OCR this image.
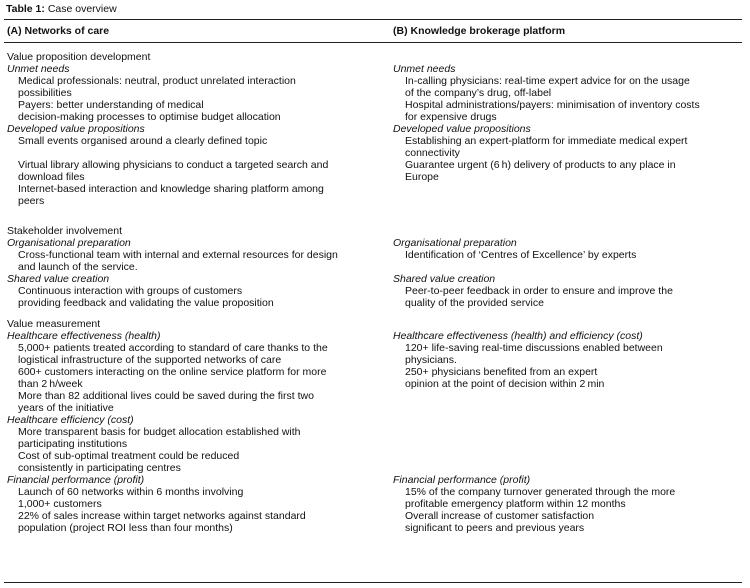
Table 1: Case overview
(A) Networks of care	(B) Knowledge brokerage platform
Value proposition development
Unmet needs
Medical professionals: neutral, product unrelated interaction
possibilities
Payers: better understanding of medical
decision-making processes to optimise budget allocation
Developed value propositions
Small events organised around a clearly defined topic
Virtual library allowing physicians to conduct a targeted search and
download files
Internet-based interaction and knowledge sharing platform among
peers
Stakeholder involvement
Organisational preparation
Cross-functional team with internal and external resources for design
and launch of the service.
Shared value creation
Continuous interaction with groups of customers
providing feedback and validating the value proposition
Value measurement
Healthcare effectiveness (health)
5,000+ patients treated according to standard of care thanks to the
logistical infrastructure of the supported networks of care
600+ customers interacting on the online service platform for more
than 2 h/week
More than 82 additional lives could be saved during the first two
years of the initiative
Healthcare efficiency (cost)
More transparent basis for budget allocation established with
participating institutions
Cost of sub-optimal treatment could be reduced
consistently in participating centres
Financial performance (profit)
Launch of 60 networks within 6 months involving
1,000+ customers
22% of sales increase within target networks against standard
population (project ROI less than four months)
Unmet needs
In-calling physicians: real-time expert advice for on the usage
of the company’s drug, off-label
Hospital administrations/payers: minimisation of inventory costs
for expensive drugs
Developed value propositions
Establishing an expert-platform for immediate medical expert
connectivity
Guarantee urgent (6 h) delivery of products to any place in
Europe
Organisational preparation
Identification of ‘Centres of Excellence’ by experts
Shared value creation
Peer-to-peer feedback in order to ensure and improve the
quality of the provided service
Healthcare effectiveness (health) and efficiency (cost)
120+ life-saving real-time discussions enabled between
physicians.
250+ physicians benefited from an expert
opinion at the point of decision within 2 min
Financial performance (profit)
15% of the company turnover generated through the more
profitable emergency platform within 12 months
Overall increase of customer satisfaction
significant to peers and previous years
